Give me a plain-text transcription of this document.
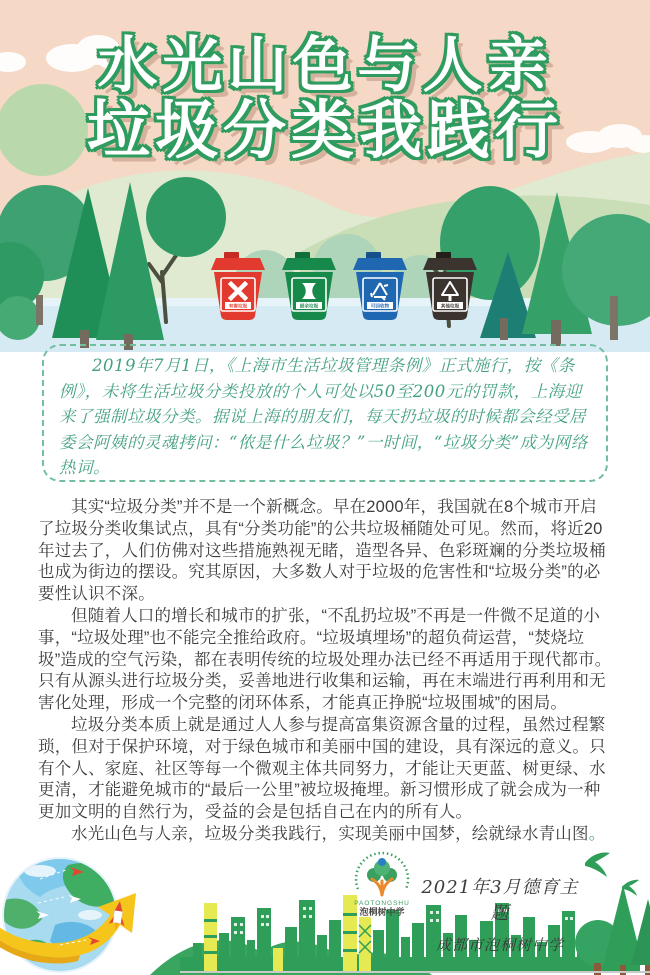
有害垃圾	厨余垃圾	可回收物	其他垃圾
水光山色与人亲
垃圾分类我践行
2019年7月1日，《上海市生活垃圾管理条例》正式施行，按《条例》，未将生活垃圾分类投放的个人可处以50至200元的罚款，上海迎来了强制垃圾分类。据说上海的朋友们，每天扔垃圾的时候都会经受居委会阿姨的灵魂拷问：“侬是什么垃圾？”一时间，“垃圾分类”成为网络热词。

其实“垃圾分类”并不是一个新概念。早在2000年，我国就在8个城市开启了垃圾分类收集试点，具有“分类功能”的公共垃圾桶随处可见。然而，将近20年过去了，人们仿佛对这些措施熟视无睹，造型各异、色彩斑斓的分类垃圾桶也成为街边的摆设。究其原因，大多数人对于垃圾的危害性和“垃圾分类”的必要性认识不深。

但随着人口的增长和城市的扩张，“不乱扔垃圾”不再是一件微不足道的小事，“垃圾处理”也不能完全推给政府。“垃圾填埋场”的超负荷运营，“焚烧垃圾”造成的空气污染，都在表明传统的垃圾处理办法已经不再适用于现代都市。只有从源头进行垃圾分类，妥善地进行收集和运输，再在末端进行再利用和无害化处理，形成一个完整的闭环体系，才能真正挣脱“垃圾围城”的困局。

垃圾分类本质上就是通过人人参与提高富集资源含量的过程，虽然过程繁琐，但对于保护环境，对于绿色城市和美丽中国的建设，具有深远的意义。只有个人、家庭、社区等每一个微观主体共同努力，才能让天更蓝、树更绿、水更清，才能避免城市的“最后一公里”被垃圾掩埋。新习惯形成了就会成为一种更加文明的自然行为，受益的会是包括自己在内的所有人。

水光山色与人亲，垃圾分类我践行，实现美丽中国梦，绘就绿水青山图。

PAOTONGSHU
泡桐树中学
2021年3月德育主题
成都市泡桐树中学
